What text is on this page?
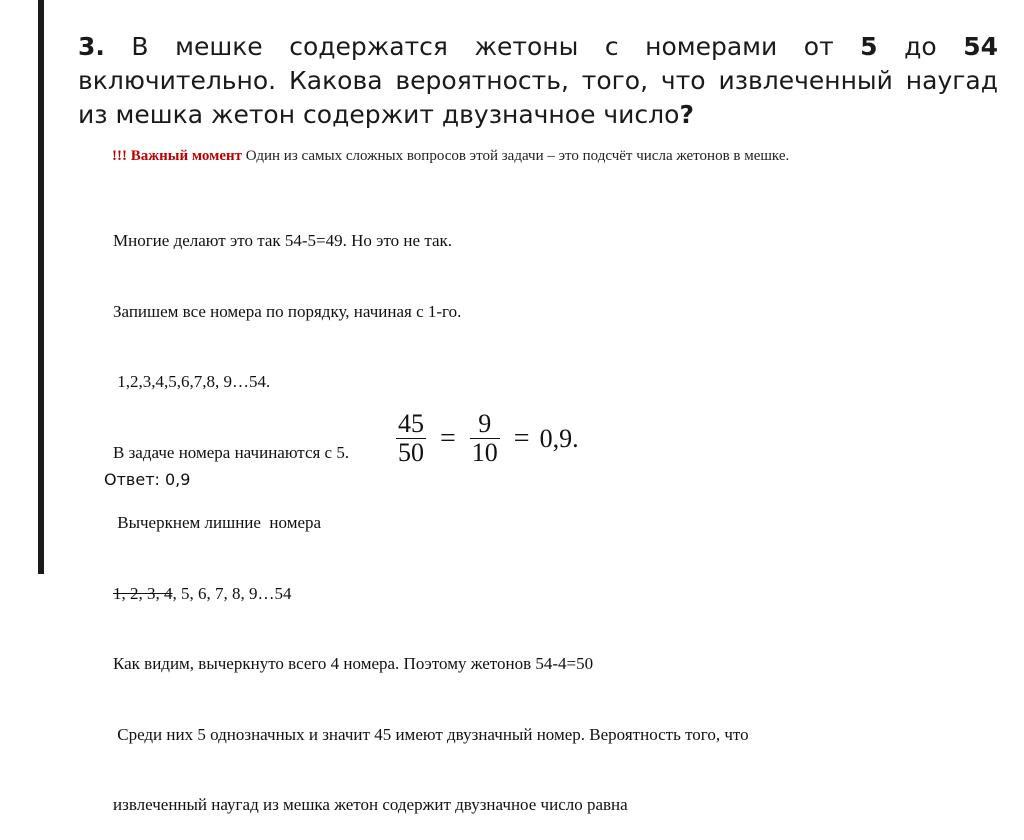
3. В мешке содержатся жетоны с номерами от 5 до 54 включительно. Какова вероятность, того, что извлеченный наугад из мешка жетон содержит двузначное число?
!!! Важный момент Один из самых сложных вопросов этой задачи – это подсчёт числа жетонов в мешке.

Многие делают это так 54-5=49. Но это не так.

Запишем все номера по порядку, начиная с 1-го.

1,2,3,4,5,6,7,8, 9…54.

В задаче номера начинаются с 5.

Вычеркнем лишние  номера

1, 2, 3, 4, 5, 6, 7, 8, 9…54

Как видим, вычеркнуто всего 4 номера. Поэтому жетонов 54-4=50

Среди них 5 однозначных и значит 45 имеют двузначный номер. Вероятность того, что

извлеченный наугад из мешка жетон содержит двузначное число равна

$\frac{45}{50} = \frac{9}{10} = 0,9$.
Ответ: 0,9
